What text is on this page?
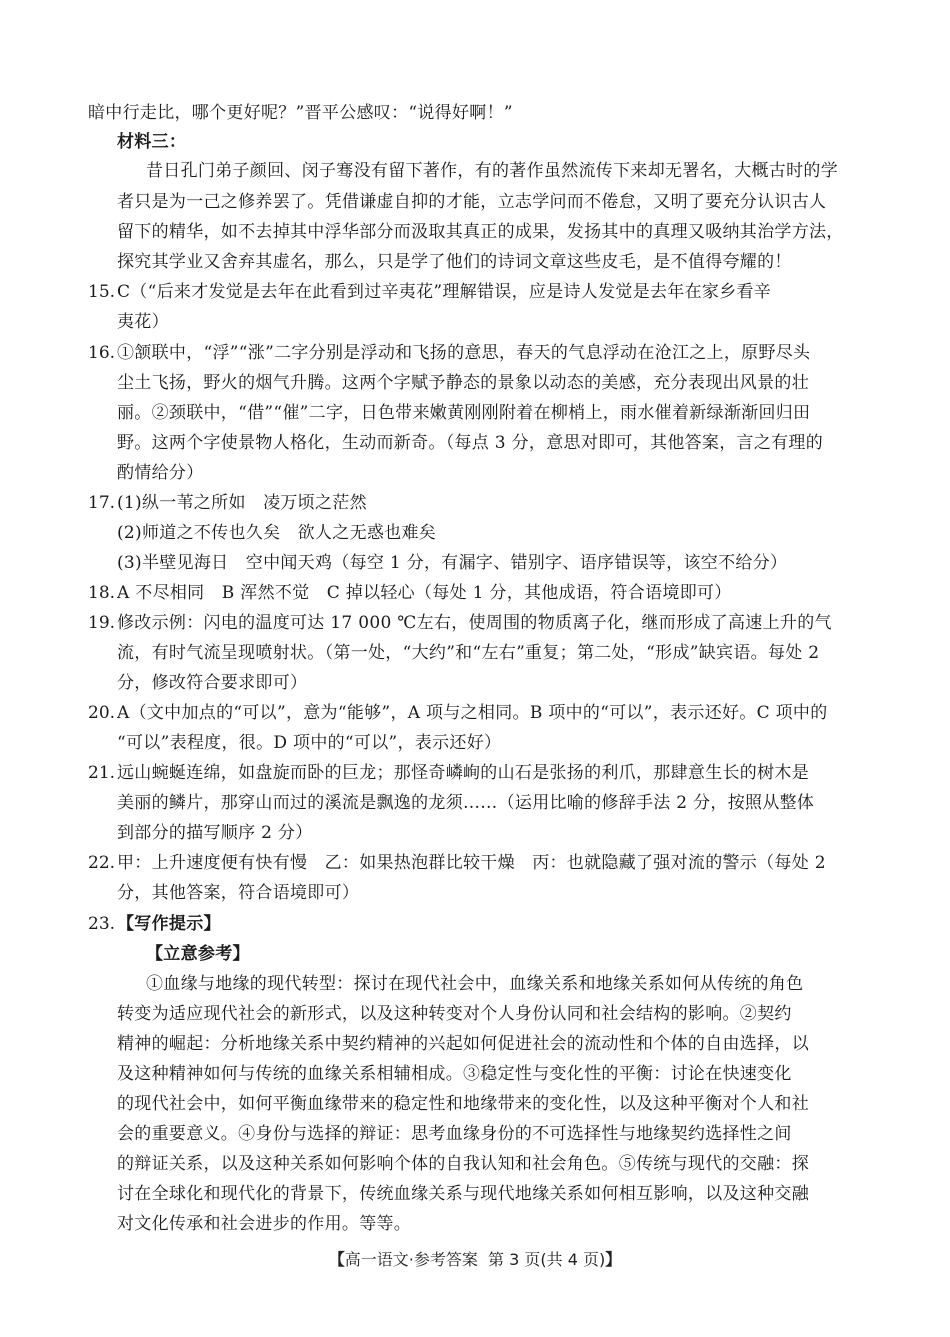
暗中行走比，哪个更好呢？”晋平公感叹：“说得好啊！”
材料三：
昔日孔门弟子颜回、闵子骞没有留下著作，有的著作虽然流传下来却无署名，大概古时的学
者只是为一己之修养罢了。凭借谦虚自抑的才能，立志学问而不倦怠，又明了要充分认识古人
留下的精华，如不去掉其中浮华部分而汲取其真正的成果，发扬其中的真理又吸纳其治学方法，
探究其学业又舍弃其虚名，那么，只是学了他们的诗词文章这些皮毛，是不值得夸耀的！
15. C（“后来才发觉是去年在此看到过辛夷花”理解错误，应是诗人发觉是去年在家乡看辛
夷花）
16. ①颔联中，“浮”“涨”二字分别是浮动和飞扬的意思，春天的气息浮动在沧江之上，原野尽头
尘土飞扬，野火的烟气升腾。这两个字赋予静态的景象以动态的美感，充分表现出风景的壮
丽。②颈联中，“借”“催”二字，日色带来嫩黄刚刚附着在柳梢上，雨水催着新绿渐渐回归田
野。这两个字使景物人格化，生动而新奇。（每点 3 分，意思对即可，其他答案，言之有理的
酌情给分）
17. (1)纵一苇之所如　凌万顷之茫然
(2)师道之不传也久矣　欲人之无惑也难矣
(3)半壁见海日　空中闻天鸡（每空 1 分，有漏字、错别字、语序错误等，该空不给分）
18. A 不尽相同　B 浑然不觉　C 掉以轻心（每处 1 分，其他成语，符合语境即可）
19. 修改示例：闪电的温度可达 17 000 ℃左右，使周围的物质离子化，继而形成了高速上升的气
流，有时气流呈现喷射状。（第一处，“大约”和“左右”重复；第二处，“形成”缺宾语。每处 2
分，修改符合要求即可）
20. A（文中加点的“可以”，意为“能够”，A 项与之相同。B 项中的“可以”，表示还好。C 项中的
“可以”表程度，很。D 项中的“可以”，表示还好）
21. 远山蜿蜒连绵，如盘旋而卧的巨龙；那怪奇嶙峋的山石是张扬的利爪，那肆意生长的树木是
美丽的鳞片，那穿山而过的溪流是飘逸的龙须……（运用比喻的修辞手法 2 分，按照从整体
到部分的描写顺序 2 分）
22. 甲：上升速度便有快有慢　乙：如果热泡群比较干燥　丙：也就隐藏了强对流的警示（每处 2
分，其他答案，符合语境即可）
23. 【写作提示】
【立意参考】
①血缘与地缘的现代转型：探讨在现代社会中，血缘关系和地缘关系如何从传统的角色
转变为适应现代社会的新形式，以及这种转变对个人身份认同和社会结构的影响。②契约
精神的崛起：分析地缘关系中契约精神的兴起如何促进社会的流动性和个体的自由选择，以
及这种精神如何与传统的血缘关系相辅相成。③稳定性与变化性的平衡：讨论在快速变化
的现代社会中，如何平衡血缘带来的稳定性和地缘带来的变化性，以及这种平衡对个人和社
会的重要意义。④身份与选择的辩证：思考血缘身份的不可选择性与地缘契约选择性之间
的辩证关系，以及这种关系如何影响个体的自我认知和社会角色。⑤传统与现代的交融：探
讨在全球化和现代化的背景下，传统血缘关系与现代地缘关系如何相互影响，以及这种交融
对文化传承和社会进步的作用。等等。
【高一语文·参考答案 第 3 页(共 4 页)】
